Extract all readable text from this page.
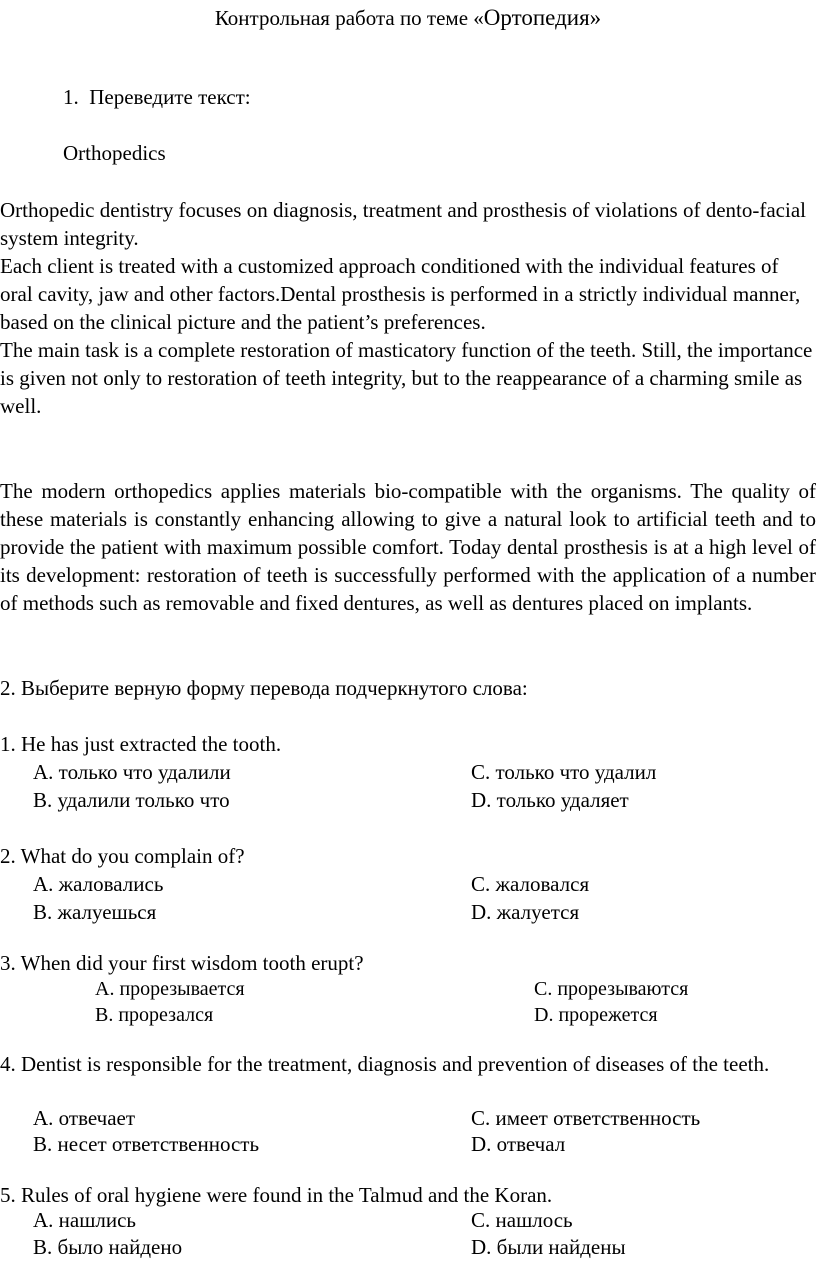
Контрольная работа по теме «Ортопедия»
1.  Переведите текст:
Orthopedics

Orthopedic dentistry focuses on diagnosis, treatment and prosthesis of violations of dento-facial system integrity.
Each client is treated with a customized approach conditioned with the individual features of oral cavity, jaw and other factors.Dental prosthesis is performed in a strictly individual manner, based on the clinical picture and the patient’s preferences.
The main task is a complete restoration of masticatory function of the teeth. Still, the importance is given not only to restoration of teeth integrity, but to the reappearance of a charming smile as well.

The modern orthopedics applies materials bio-compatible with the organisms. The quality of these materials is constantly enhancing allowing to give a natural look to artificial teeth and to provide the patient with maximum possible comfort. Today dental prosthesis is at a high level of its development: restoration of teeth is successfully performed with the application of a number of methods such as removable and fixed dentures, as well as dentures placed on implants.

2. Выберите верную форму перевода подчеркнутого слова:
1. He has just extracted the tooth.
A. только что удалили
B. удалили только что
C. только что удалил
D. только удаляет
2. What do you complain of?
A. жаловались
B. жалуешься
C. жаловался
D. жалуется
3. When did your first wisdom tooth erupt?
A. прорезывается
B. прорезался
C. прорезываются
D. прорежется
4. Dentist is responsible for the treatment, diagnosis and prevention of diseases of the teeth.
A. отвечает
B. несет ответственность
C. имеет ответственность
D. отвечал
5. Rules of oral hygiene were found in the Talmud and the Koran.
A. нашлись
B. было найдено
C. нашлось
D. были найдены
